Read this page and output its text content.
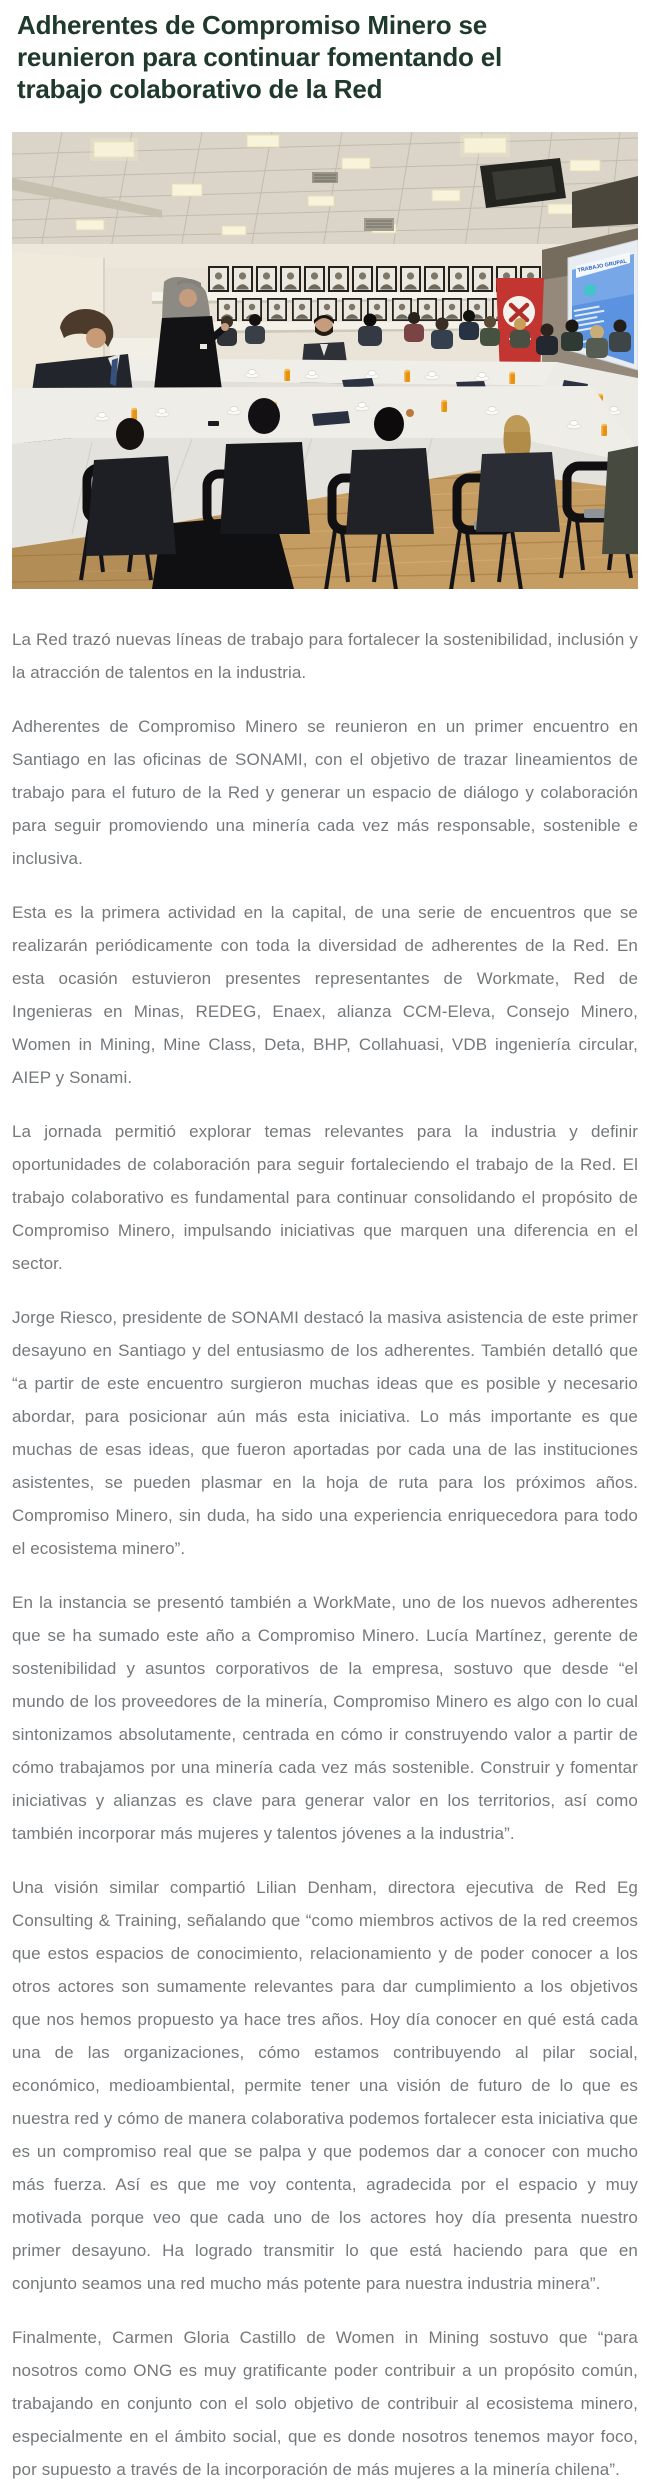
Adherentes de Compromiso Minero se reunieron para continuar fomentando el trabajo colaborativo de la Red
TRABAJO GRUPAL

La Red trazó nuevas líneas de trabajo para fortalecer la sostenibilidad, inclusión y la atracción de talentos en la industria.

Adherentes de Compromiso Minero se reunieron en un primer encuentro en Santiago en las oficinas de SONAMI, con el objetivo de trazar lineamientos de trabajo para el futuro de la Red y generar un espacio de diálogo y colaboración para seguir promoviendo una minería cada vez más responsable, sostenible e inclusiva.

Esta es la primera actividad en la capital, de una serie de encuentros que se realizarán periódicamente con toda la diversidad de adherentes de la Red. En esta ocasión estuvieron presentes representantes de Workmate, Red de Ingenieras en Minas, REDEG, Enaex, alianza CCM-Eleva, Consejo Minero, Women in Mining, Mine Class, Deta, BHP, Collahuasi, VDB ingeniería circular, AIEP y Sonami.

La jornada permitió explorar temas relevantes para la industria y definir oportunidades de colaboración para seguir fortaleciendo el trabajo de la Red. El trabajo colaborativo es fundamental para continuar consolidando el propósito de Compromiso Minero, impulsando iniciativas que marquen una diferencia en el sector.

Jorge Riesco, presidente de SONAMI destacó la masiva asistencia de este primer desayuno en Santiago y del entusiasmo de los adherentes. También detalló que “a partir de este encuentro surgieron muchas ideas que es posible y necesario abordar, para posicionar aún más esta iniciativa. Lo más importante es que muchas de esas ideas, que fueron aportadas por cada una de las instituciones asistentes, se pueden plasmar en la hoja de ruta para los próximos años. Compromiso Minero, sin duda, ha sido una experiencia enriquecedora para todo el ecosistema minero”.

En la instancia se presentó también a WorkMate, uno de los nuevos adherentes que se ha sumado este año a Compromiso Minero. Lucía Martínez, gerente de sostenibilidad y asuntos corporativos de la empresa, sostuvo que desde “el mundo de los proveedores de la minería, Compromiso Minero es algo con lo cual sintonizamos absolutamente, centrada en cómo ir construyendo valor a partir de cómo trabajamos por una minería cada vez más sostenible. Construir y fomentar iniciativas y alianzas es clave para generar valor en los territorios, así como también incorporar más mujeres y talentos jóvenes a la industria”.

Una visión similar compartió Lilian Denham, directora ejecutiva de Red Eg Consulting & Training, señalando que “como miembros activos de la red creemos que estos espacios de conocimiento, relacionamiento y de poder conocer a los otros actores son sumamente relevantes para dar cumplimiento a los objetivos que nos hemos propuesto ya hace tres años. Hoy día conocer en qué está cada una de las organizaciones, cómo estamos contribuyendo al pilar social, económico, medioambiental, permite tener una visión de futuro de lo que es nuestra red y cómo de manera colaborativa podemos fortalecer esta iniciativa que es un compromiso real que se palpa y que podemos dar a conocer con mucho más fuerza. Así es que me voy contenta, agradecida por el espacio y muy motivada porque veo que cada uno de los actores hoy día presenta nuestro primer desayuno. Ha logrado transmitir lo que está haciendo para que en conjunto seamos una red mucho más potente para nuestra industria minera”.

Finalmente, Carmen Gloria Castillo de Women in Mining sostuvo que “para nosotros como ONG es muy gratificante poder contribuir a un propósito común, trabajando en conjunto con el solo objetivo de contribuir al ecosistema minero, especialmente en el ámbito social, que es donde nosotros tenemos mayor foco, por supuesto a través de la incorporación de más mujeres a la minería chilena”.
